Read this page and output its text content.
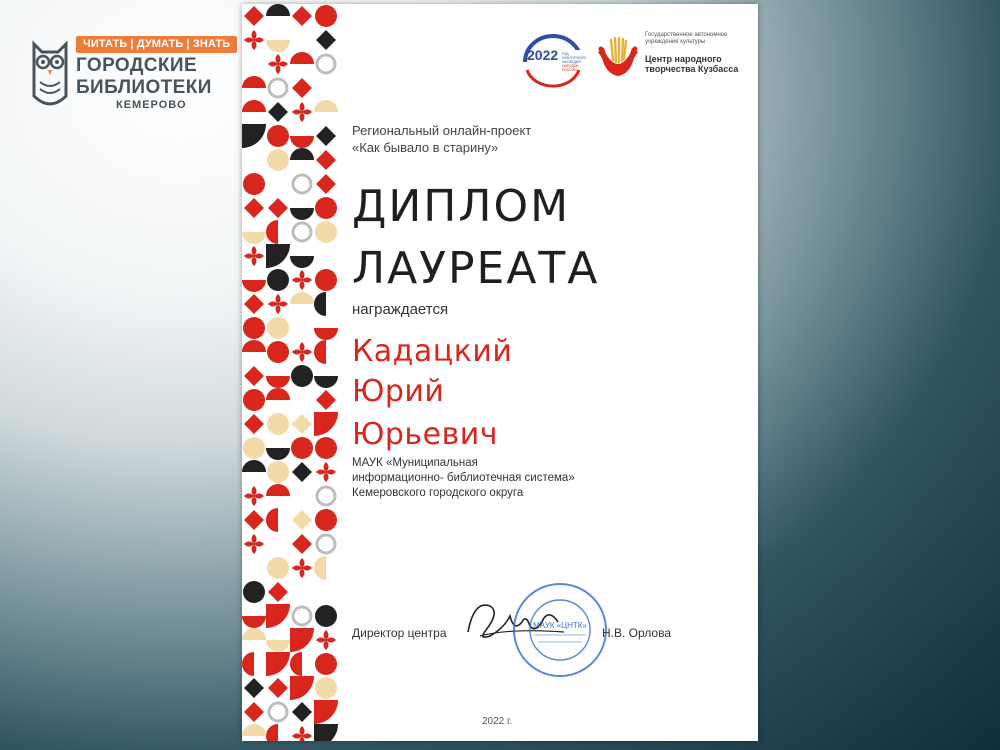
ЧИТАТЬ | ДУМАТЬ | ЗНАТЬ
ГОРОДСКИЕ
БИБЛИОТЕКИ
КЕМЕРОВО
2022 ГОД
КУЛЬТУРНОГО
НАСЛЕДИЯ
НАРОДОВ
РОССИИ
Государственное автономное учреждение культуры
Центр народного творчества Кузбасса
Региональный онлайн-проект
«Как бывало в старину»
ДИПЛОМ
ЛАУРЕАТА
награждается
Кадацкий
Юрий
Юрьевич
МАУК «Муниципальная
информационно- библиотечная система»
Кемеровского городского округа
Директор центра
МАУК «ЦНТК»
Н.В. Орлова
2022 г.
